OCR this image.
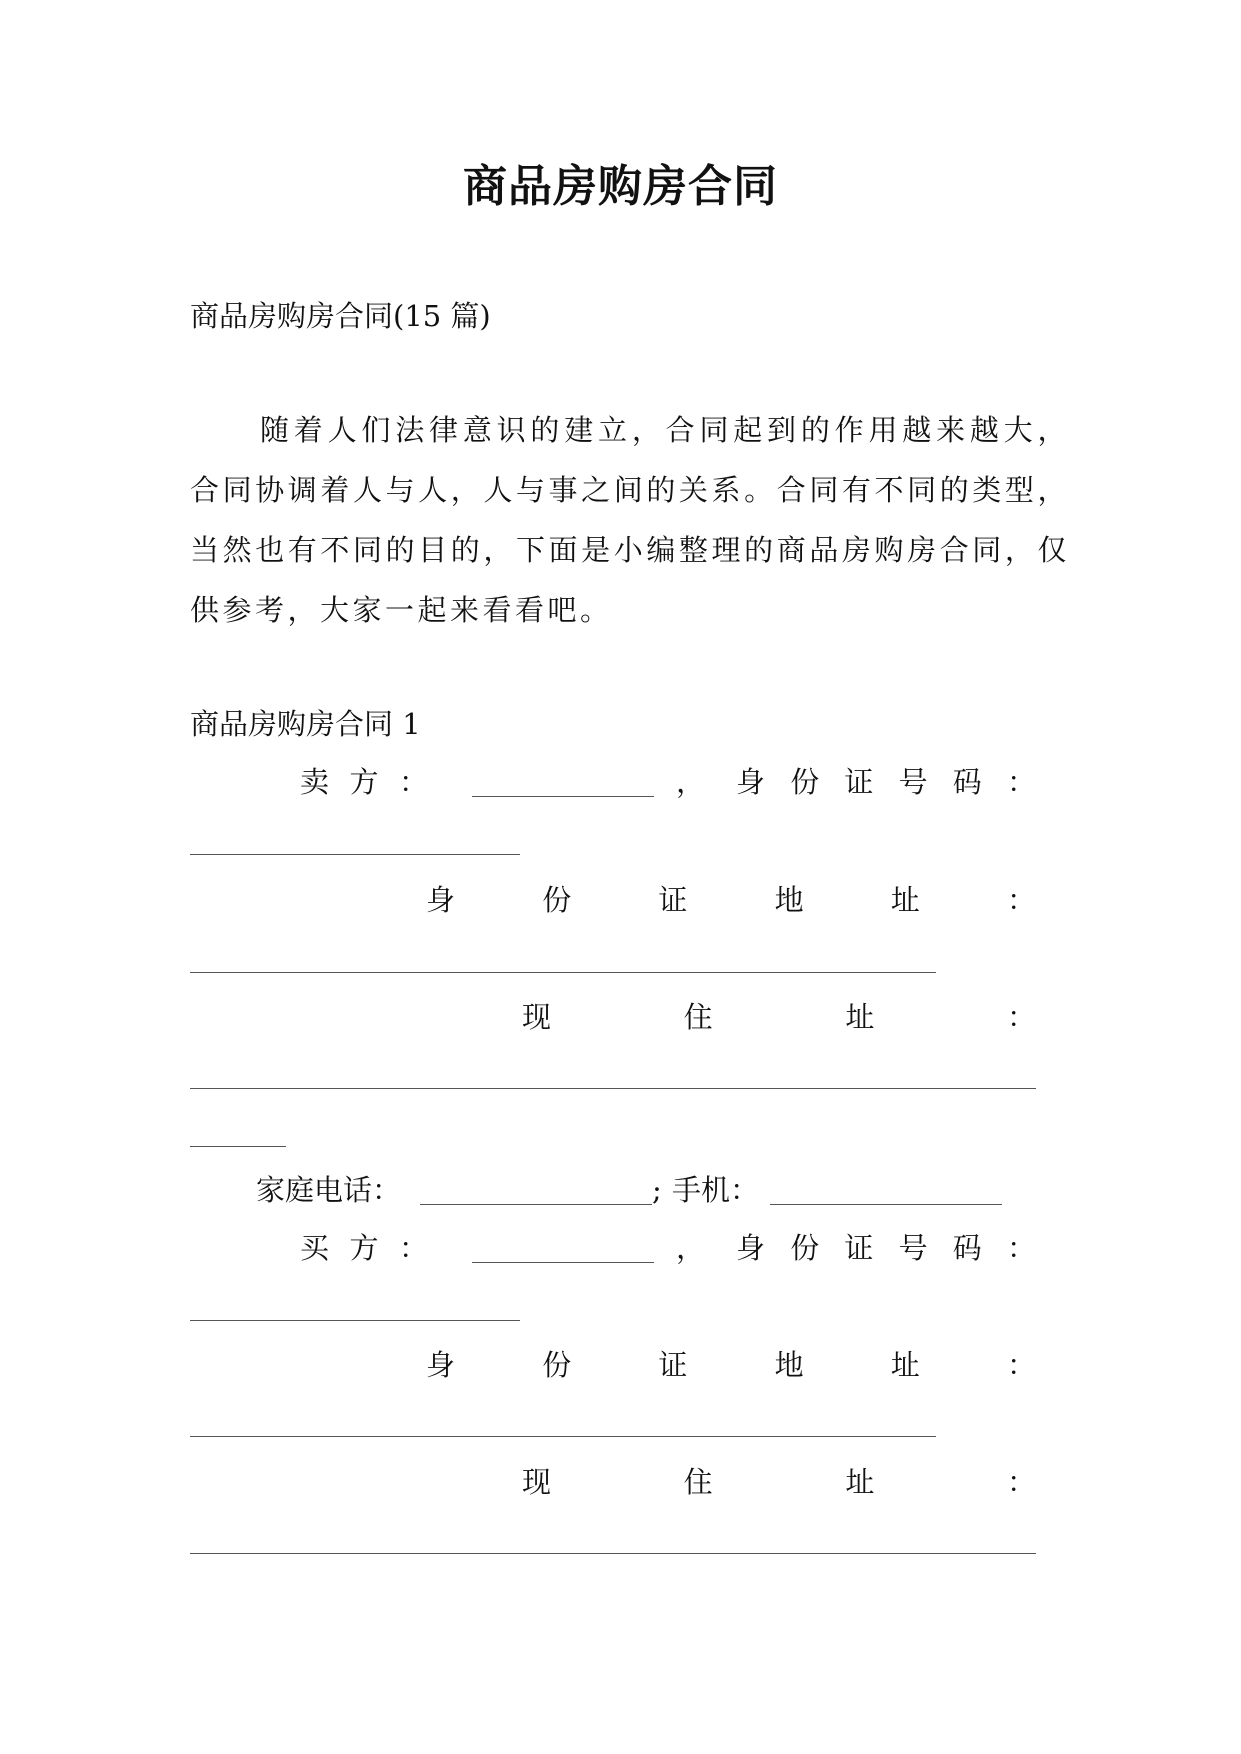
商品房购房合同
商品房购房合同(15 篇)
随着人们法律意识的建立，合同起到的作用越来越大，合同协调着人与人，人与事之间的关系。合同有不同的类型，当然也有不同的目的，下面是小编整理的商品房购房合同，仅供参考，大家一起来看看吧。
商品房购房合同 1
卖 方 ：	， 身 份 证 号 码 ：
身	份	证	地	址	：
现	住	址	：
家庭电话：	; 手机：
买 方 ：	， 身 份 证 号 码 ：
身	份	证	地	址	：
现	住	址	：
